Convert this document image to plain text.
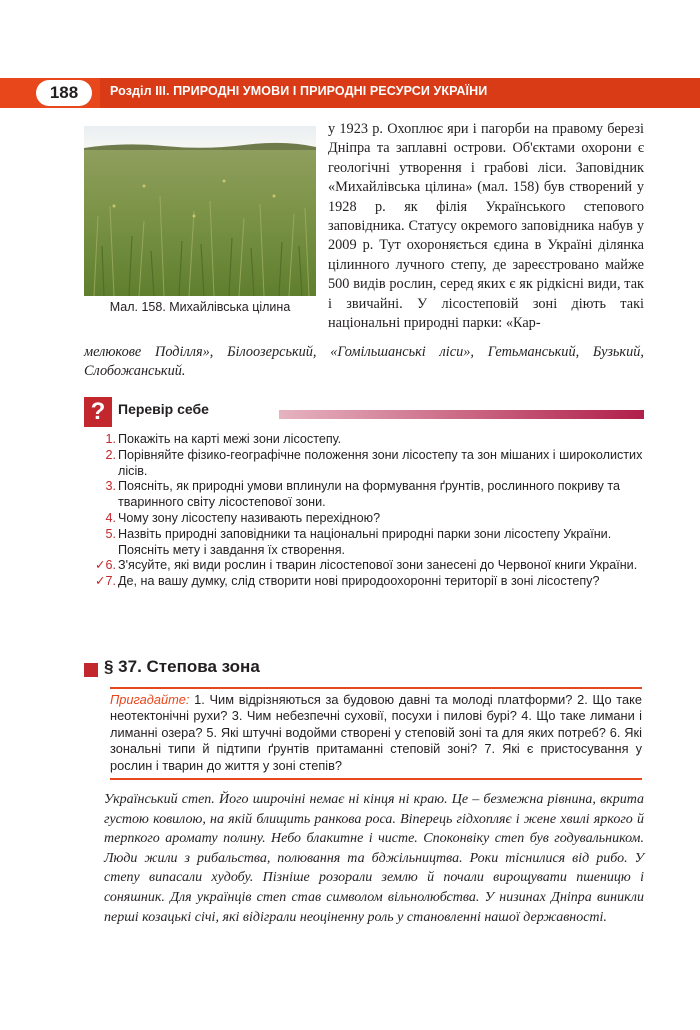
188	Розділ III. ПРИРОДНІ УМОВИ І ПРИРОДНІ РЕСУРСИ УКРАЇНИ
Мал. 158. Михайлівська цілина
у 1923 р. Охоплює яри і пагорби на правому березі Дніпра та заплавні острови. Об'єктами охорони є геологічні утворення і грабові ліси. Заповідник «Михайлівська цілина» (мал. 158) був створений у 1928 р. як філія Українського степового заповідника. Статусу окремого заповідника набув у 2009 р. Тут охороняється єдина в Україні ділянка цілинного лучного степу, де зареєстровано майже 500 видів рослин, серед яких є як рідкісні види, так і звичайні. У лісостеповій зоні діють такі національні природні парки: «Кар-
мелюкове Поділля», Білоозерський, «Гомільшанські ліси», Гетьманський, Бузький, Слобожанський.
? Перевір себе

1. Покажіть на карті межі зони лісостепу.

2. Порівняйте фізико-географічне положення зони лісостепу та зон мішаних і широколистих лісів.

3. Поясніть, як природні умови вплинули на формування ґрунтів, рослинного покриву та тваринного світу лісостепової зони.

4. Чому зону лісостепу називають перехідною?

5. Назвіть природні заповідники та національні природні парки зони лісостепу України. Поясніть мету і завдання їх створення.

✓6. З'ясуйте, які види рослин і тварин лісостепової зони занесені до Червоної книги України.

✓7. Де, на вашу думку, слід створити нові природоохоронні території в зоні лісостепу?

§ 37. Степова зона
Пригадайте: 1. Чим відрізняються за будовою давні та молоді платформи? 2. Що таке неотектонічні рухи? 3. Чим небезпечні суховії, посухи і пилові бурі? 4. Що таке лимани і лиманні озера? 5. Які штучні водойми створені у степовій зоні та для яких потреб? 6. Які зональні типи й підтипи ґрунтів притаманні степовій зоні? 7. Які є пристосування у рослин і тварин до життя у зоні степів?
Український степ. Його широчіні немає ні кінця ні краю. Це – безмежна рівнина, вкрита густою ковилою, на якій блищить ранкова роса. Віперець гідхопляє і жене хвилі яркого й терпкого аромату полину. Небо блакитне і чисте. Споконвіку степ був годувальником. Люди жили з рибальства, полювання та бджільництва. Роки тіснилися від рибо. У степу випасали худобу. Пізніше розорали землю й почали вирощувати пшеницю і соняшник. Для українців степ став символом вільнолюбства. У низинах Дніпра виникли перші козацькі січі, які відіграли неоціненну роль у становленні нашої державності.
